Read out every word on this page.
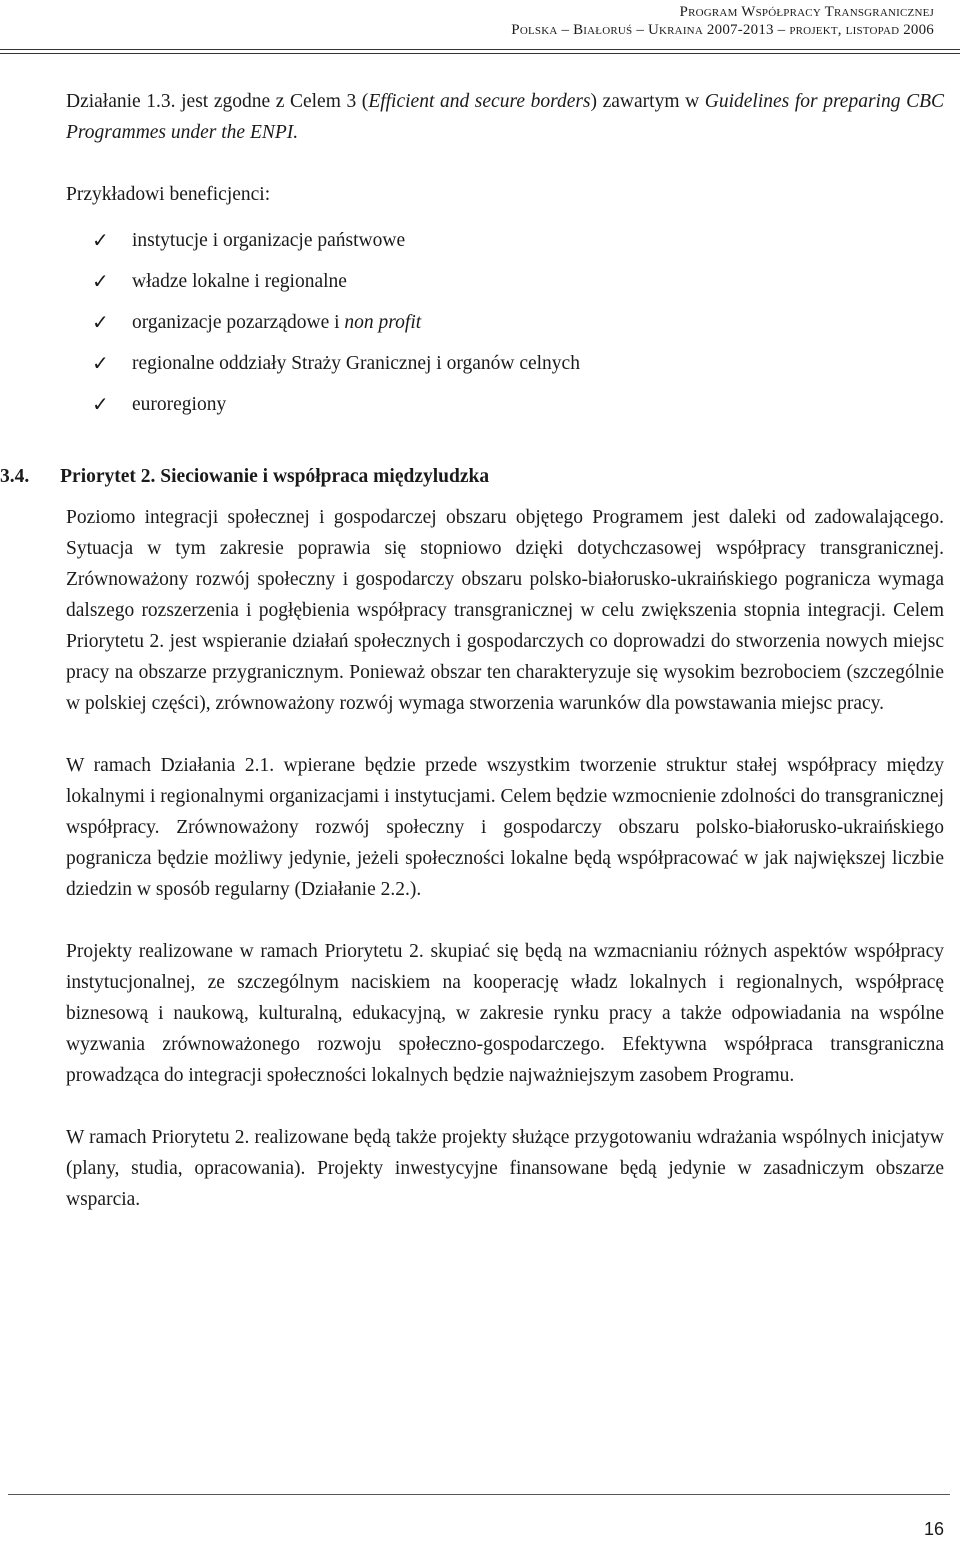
Program Współpracy Transgranicznej
Polska – Białoruś – Ukraina 2007-2013 – projekt, listopad 2006

Działanie 1.3. jest zgodne z Celem 3 (Efficient and secure borders) zawartym w Guidelines for preparing CBC Programmes under the ENPI.

Przykładowi beneficjenci:

✓ instytucje i organizacje państwowe
✓ władze lokalne i regionalne
✓ organizacje pozarządowe i non profit
✓ regionalne oddziały Straży Granicznej i organów celnych
✓ euroregiony
3.4. Priorytet 2. Sieciowanie i współpraca międzyludzka

Poziomo integracji społecznej i gospodarczej obszaru objętego Programem jest daleki od zadowalającego. Sytuacja w tym zakresie poprawia się stopniowo dzięki dotychczasowej współpracy transgranicznej. Zrównoważony rozwój społeczny i gospodarczy obszaru polsko-białorusko-ukraińskiego pogranicza wymaga dalszego rozszerzenia i pogłębienia współpracy transgranicznej w celu zwiększenia stopnia integracji. Celem Priorytetu 2. jest wspieranie działań społecznych i gospodarczych co doprowadzi do stworzenia nowych miejsc pracy na obszarze przygranicznym. Ponieważ obszar ten charakteryzuje się wysokim bezrobociem (szczególnie w polskiej części), zrównoważony rozwój wymaga stworzenia warunków dla powstawania miejsc pracy.

W ramach Działania 2.1. wpierane będzie przede wszystkim tworzenie struktur stałej współpracy między lokalnymi i regionalnymi organizacjami i instytucjami. Celem będzie wzmocnienie zdolności do transgranicznej współpracy. Zrównoważony rozwój społeczny i gospodarczy obszaru polsko-białorusko-ukraińskiego pogranicza będzie możliwy jedynie, jeżeli społeczności lokalne będą współpracować w jak największej liczbie dziedzin w sposób regularny (Działanie 2.2.).

Projekty realizowane w ramach Priorytetu 2. skupiać się będą na wzmacnianiu różnych aspektów współpracy instytucjonalnej, ze szczególnym naciskiem na kooperację władz lokalnych i regionalnych, współpracę biznesową i naukową, kulturalną, edukacyjną, w zakresie rynku pracy a także odpowiadania na wspólne wyzwania zrównoważonego rozwoju społeczno-gospodarczego. Efektywna współpraca transgraniczna prowadząca do integracji społeczności lokalnych będzie najważniejszym zasobem Programu.

W ramach Priorytetu 2. realizowane będą także projekty służące przygotowaniu wdrażania wspólnych inicjatyw (plany, studia, opracowania). Projekty inwestycyjne finansowane będą jedynie w zasadniczym obszarze wsparcia.

16
